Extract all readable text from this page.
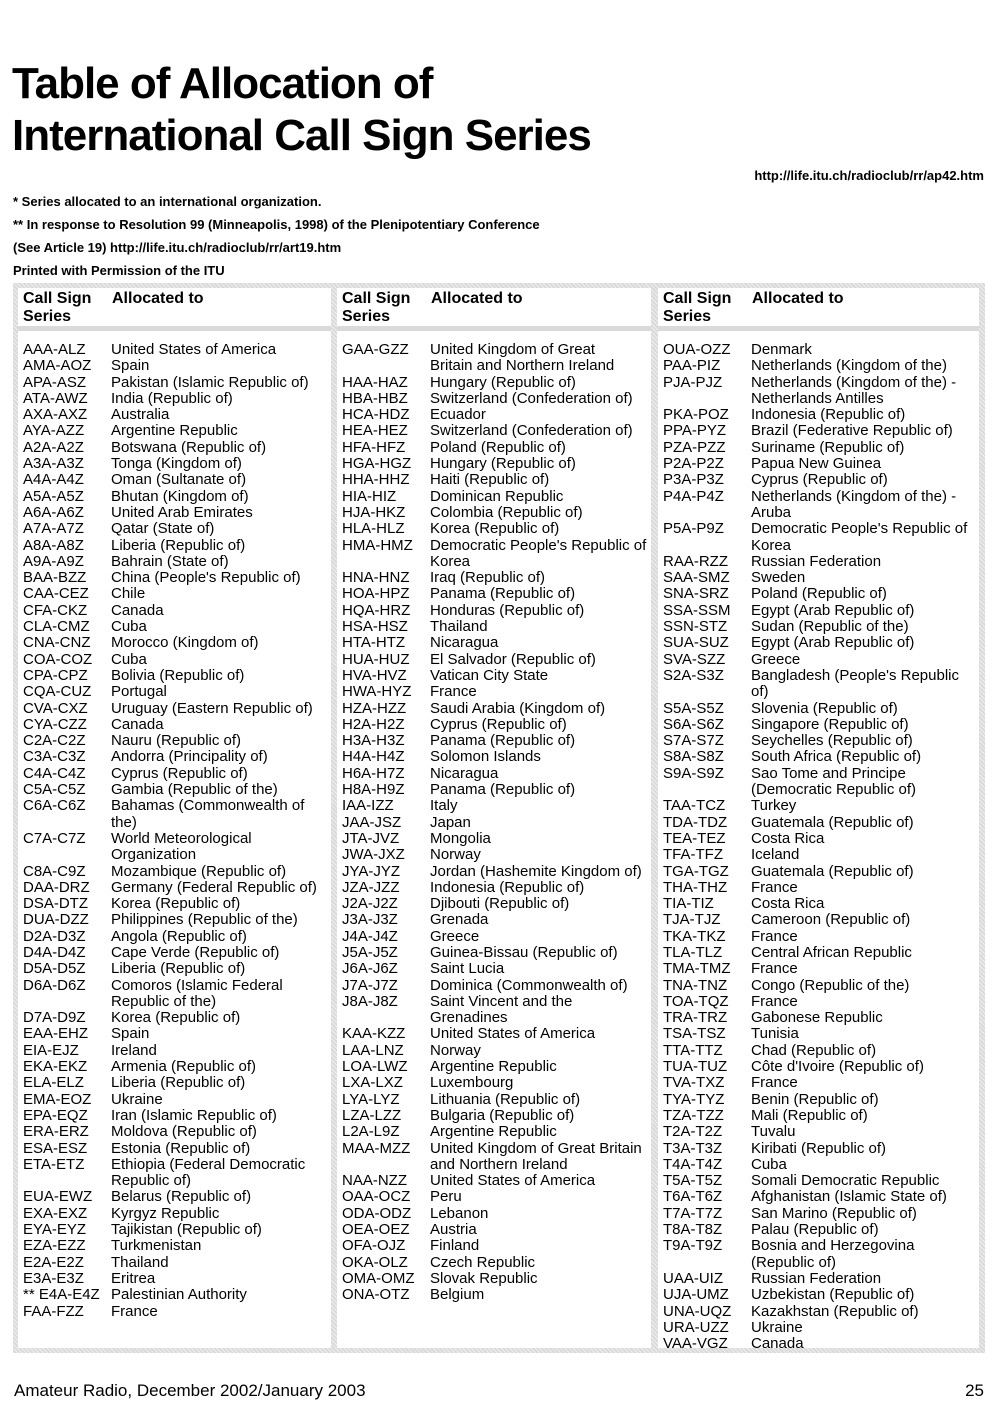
Table of Allocation of
International Call Sign Series
http://life.itu.ch/radioclub/rr/ap42.htm
* Series allocated to an international organization.
** In response to Resolution 99 (Minneapolis, 1998) of the Plenipotentiary Conference
(See Article 19) http://life.itu.ch/radioclub/rr/art19.htm
Printed with Permission of the ITU
Call Sign Series
Allocated to
AAA-ALZ	United States of America
AMA-AOZ	Spain
APA-ASZ	Pakistan (Islamic Republic of)
ATA-AWZ	India (Republic of)
AXA-AXZ	Australia
AYA-AZZ	Argentine Republic
A2A-A2Z	Botswana (Republic of)
A3A-A3Z	Tonga (Kingdom of)
A4A-A4Z	Oman (Sultanate of)
A5A-A5Z	Bhutan (Kingdom of)
A6A-A6Z	United Arab Emirates
A7A-A7Z	Qatar (State of)
A8A-A8Z	Liberia (Republic of)
A9A-A9Z	Bahrain (State of)
BAA-BZZ	China (People's Republic of)
CAA-CEZ	Chile
CFA-CKZ	Canada
CLA-CMZ	Cuba
CNA-CNZ	Morocco (Kingdom of)
COA-COZ	Cuba
CPA-CPZ	Bolivia (Republic of)
CQA-CUZ	Portugal
CVA-CXZ	Uruguay (Eastern Republic of)
CYA-CZZ	Canada
C2A-C2Z	Nauru (Republic of)
C3A-C3Z	Andorra (Principality of)
C4A-C4Z	Cyprus (Republic of)
C5A-C5Z	Gambia (Republic of the)
C6A-C6Z	Bahamas (Commonwealth of the)
C7A-C7Z	World Meteorological Organization
C8A-C9Z	Mozambique (Republic of)
DAA-DRZ	Germany (Federal Republic of)
DSA-DTZ	Korea (Republic of)
DUA-DZZ	Philippines (Republic of the)
D2A-D3Z	Angola (Republic of)
D4A-D4Z	Cape Verde (Republic of)
D5A-D5Z	Liberia (Republic of)
D6A-D6Z	Comoros (Islamic Federal Republic of the)
D7A-D9Z	Korea (Republic of)
EAA-EHZ	Spain
EIA-EJZ	Ireland
EKA-EKZ	Armenia (Republic of)
ELA-ELZ	Liberia (Republic of)
EMA-EOZ	Ukraine
EPA-EQZ	Iran (Islamic Republic of)
ERA-ERZ	Moldova (Republic of)
ESA-ESZ	Estonia (Republic of)
ETA-ETZ	Ethiopia (Federal Democratic Republic of)
EUA-EWZ	Belarus (Republic of)
EXA-EXZ	Kyrgyz Republic
EYA-EYZ	Tajikistan (Republic of)
EZA-EZZ	Turkmenistan
E2A-E2Z	Thailand
E3A-E3Z	Eritrea
** E4A-E4Z Palestinian Authority
FAA-FZZ	France
Call Sign Series
Allocated to
GAA-GZZ	United Kingdom of Great
Britain and Northern Ireland
HAA-HAZ	Hungary (Republic of)
HBA-HBZ	Switzerland (Confederation of)
HCA-HDZ	Ecuador
HEA-HEZ	Switzerland (Confederation of)
HFA-HFZ	Poland (Republic of)
HGA-HGZ	Hungary (Republic of)
HHA-HHZ	Haiti (Republic of)
HIA-HIZ	Dominican Republic
HJA-HKZ	Colombia (Republic of)
HLA-HLZ	Korea (Republic of)
HMA-HMZ	Democratic People's Republic of Korea
HNA-HNZ	Iraq (Republic of)
HOA-HPZ	Panama (Republic of)
HQA-HRZ	Honduras (Republic of)
HSA-HSZ	Thailand
HTA-HTZ	Nicaragua
HUA-HUZ	El Salvador (Republic of)
HVA-HVZ	Vatican City State
HWA-HYZ	France
HZA-HZZ	Saudi Arabia (Kingdom of)
H2A-H2Z	Cyprus (Republic of)
H3A-H3Z	Panama (Republic of)
H4A-H4Z	Solomon Islands
H6A-H7Z	Nicaragua
H8A-H9Z	Panama (Republic of)
IAA-IZZ	Italy
JAA-JSZ	Japan
JTA-JVZ	Mongolia
JWA-JXZ	Norway
JYA-JYZ	Jordan (Hashemite Kingdom of)
JZA-JZZ	Indonesia (Republic of)
J2A-J2Z	Djibouti (Republic of)
J3A-J3Z	Grenada
J4A-J4Z	Greece
J5A-J5Z	Guinea-Bissau (Republic of)
J6A-J6Z	Saint Lucia
J7A-J7Z	Dominica (Commonwealth of)
J8A-J8Z	Saint Vincent and the Grenadines
KAA-KZZ	United States of America
LAA-LNZ	Norway
LOA-LWZ	Argentine Republic
LXA-LXZ	Luxembourg
LYA-LYZ	Lithuania (Republic of)
LZA-LZZ	Bulgaria (Republic of)
L2A-L9Z	Argentine Republic
MAA-MZZ	United Kingdom of Great Britain and Northern Ireland
NAA-NZZ	United States of America
OAA-OCZ	Peru
ODA-ODZ	Lebanon
OEA-OEZ	Austria
OFA-OJZ	Finland
OKA-OLZ	Czech Republic
OMA-OMZ	Slovak Republic
ONA-OTZ	Belgium
Call Sign Series
Allocated to
OUA-OZZ	Denmark
PAA-PIZ	Netherlands (Kingdom of the)
PJA-PJZ	Netherlands (Kingdom of the) - Netherlands Antilles
PKA-POZ	Indonesia (Republic of)
PPA-PYZ	Brazil (Federative Republic of)
PZA-PZZ	Suriname (Republic of)
P2A-P2Z	Papua New Guinea
P3A-P3Z	Cyprus (Republic of)
P4A-P4Z	Netherlands (Kingdom of the) - Aruba
P5A-P9Z	Democratic People's Republic of Korea
RAA-RZZ	Russian Federation
SAA-SMZ	Sweden
SNA-SRZ	Poland (Republic of)
SSA-SSM	Egypt (Arab Republic of)
SSN-STZ	Sudan (Republic of the)
SUA-SUZ	Egypt (Arab Republic of)
SVA-SZZ	Greece
S2A-S3Z	Bangladesh (People's Republic of)
S5A-S5Z	Slovenia (Republic of)
S6A-S6Z	Singapore (Republic of)
S7A-S7Z	Seychelles (Republic of)
S8A-S8Z	South Africa (Republic of)
S9A-S9Z	Sao Tome and Principe (Democratic Republic of)
TAA-TCZ	Turkey
TDA-TDZ	Guatemala (Republic of)
TEA-TEZ	Costa Rica
TFA-TFZ	Iceland
TGA-TGZ	Guatemala (Republic of)
THA-THZ	France
TIA-TIZ	Costa Rica
TJA-TJZ	Cameroon (Republic of)
TKA-TKZ	France
TLA-TLZ	Central African Republic
TMA-TMZ	France
TNA-TNZ	Congo (Republic of the)
TOA-TQZ	France
TRA-TRZ	Gabonese Republic
TSA-TSZ	Tunisia
TTA-TTZ	Chad (Republic of)
TUA-TUZ	Côte d'Ivoire (Republic of)
TVA-TXZ	France
TYA-TYZ	Benin (Republic of)
TZA-TZZ	Mali (Republic of)
T2A-T2Z	Tuvalu
T3A-T3Z	Kiribati (Republic of)
T4A-T4Z	Cuba
T5A-T5Z	Somali Democratic Republic
T6A-T6Z	Afghanistan (Islamic State of)
T7A-T7Z	San Marino (Republic of)
T8A-T8Z	Palau (Republic of)
T9A-T9Z	Bosnia and Herzegovina (Republic of)
UAA-UIZ	Russian Federation
UJA-UMZ	Uzbekistan (Republic of)
UNA-UQZ	Kazakhstan (Republic of)
URA-UZZ	Ukraine
VAA-VGZ	Canada
Amateur Radio, December 2002/January 2003	25
